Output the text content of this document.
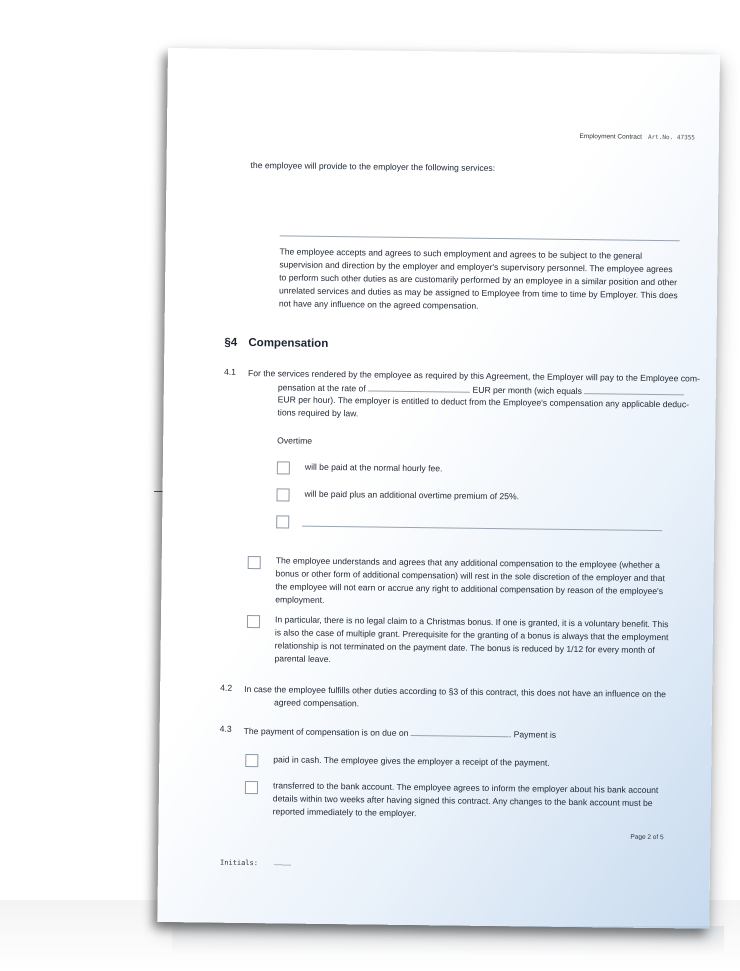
Employment Contract Art.No. 47355
the employee will provide to the employer the following services:
The employee accepts and agrees to such employment and agrees to be subject to the general supervision and direction by the employer and employer's supervisory personnel. The employee agrees to perform such other duties as are customarily performed by an employee in a similar position and other unrelated services and duties as may be assigned to Employee from time to time by Employer. This does not have any influence on the agreed compensation.
§4 Compensation
4.1 For the services rendered by the employee as required by this Agreement, the Employer will pay to the Employee com-
pensation at the rate of	EUR per month (wich equals
EUR per hour). The employer is entitled to deduct from the Employee's compensation any applicable deduc-
tions required by law.
Overtime
will be paid at the normal hourly fee.
will be paid plus an additional overtime premium of 25%.
The employee understands and agrees that any additional compensation to the employee (whether a bonus or other form of additional compensation) will rest in the sole discretion of the employer and that the employee will not earn or accrue any right to additional compensation by reason of the employee's employment.
In particular, there is no legal claim to a Christmas bonus. If one is granted, it is a voluntary benefit. This is also the case of multiple grant. Prerequisite for the granting of a bonus is always that the employment relationship is not terminated on the payment date. The bonus is reduced by 1/12 for every month of parental leave.
4.2 In case the employee fulfills other duties according to §3 of this contract, this does not have an influence on the
agreed compensation.
4.3 The payment of compensation is on due on	. Payment is
paid in cash. The employee gives the employer a receipt of the payment.
transferred to the bank account. The employee agrees to inform the employer about his bank account details within two weeks after having signed this contract. Any changes to the bank account must be reported immediately to the employer.
Page 2 of 5
Initials: ____
